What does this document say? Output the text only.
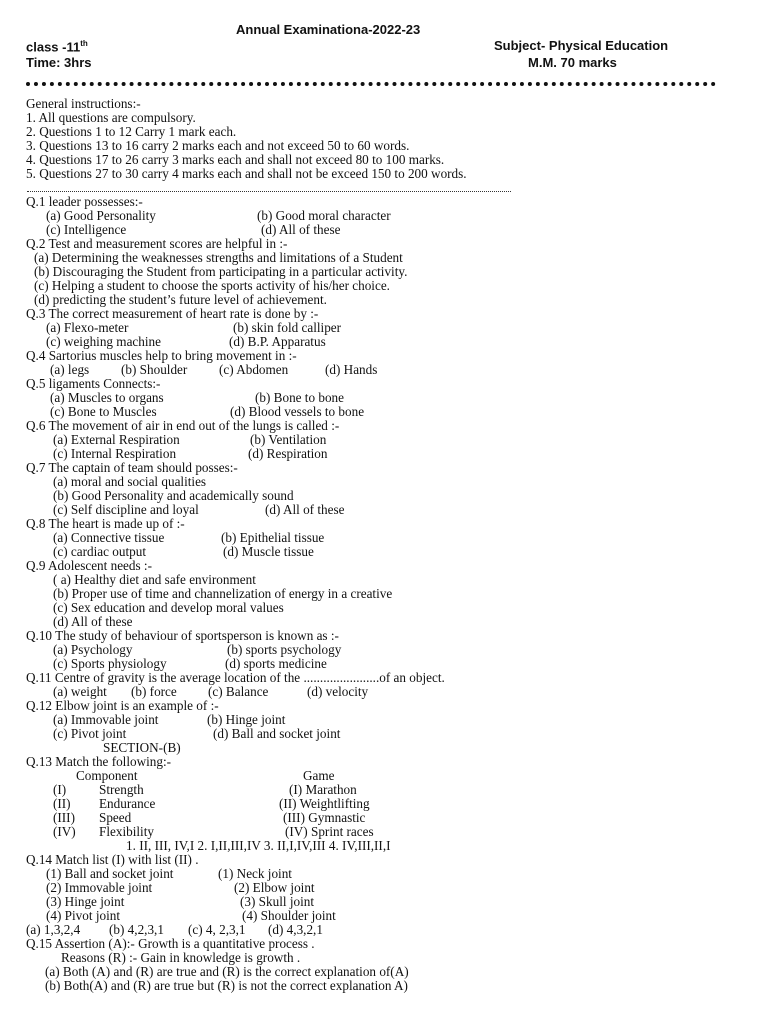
Annual Examinationa-2022-23
class -11th	Subject- Physical Education
Time: 3hrs	M.M. 70 marks
General instructions:-
1. All questions are compulsory.
2. Questions 1 to 12 Carry 1 mark each.
3. Questions 13 to 16 carry 2 marks each and not exceed 50 to 60 words.
4. Questions 17 to 26 carry 3 marks each and shall not exceed 80 to 100 marks.
5. Questions 27 to 30 carry 4 marks each and shall not be exceed 150 to 200 words.
Q.1 leader possesses:-
(a) Good Personality	(b) Good moral character
(c) Intelligence	(d) All of these
Q.2 Test and measurement scores are helpful in :-
(a) Determining the weaknesses strengths and limitations of a Student
(b) Discouraging the Student from participating in a particular activity.
(c) Helping a student to choose the sports activity of his/her choice.
(d) predicting the student’s future level of achievement.
Q.3 The correct measurement of heart rate is done by :-
(a) Flexo-meter	(b) skin fold calliper
(c) weighing machine	(d) B.P. Apparatus
Q.4 Sartorius muscles help to bring movement in :-
(a) legs (b) Shoulder (c) Abdomen	(d) Hands
Q.5 ligaments Connects:-
(a) Muscles to organs	(b) Bone to bone
(c) Bone to Muscles	(d) Blood vessels to bone
Q.6 The movement of air in end out of the lungs is called :-
(a) External Respiration	(b) Ventilation
(c) Internal Respiration	(d) Respiration
Q.7 The captain of team should posses:-
(a) moral and social qualities
(b) Good Personality and academically sound
(c) Self discipline and loyal	(d) All of these
Q.8 The heart is made up of :-
(a) Connective tissue	(b) Epithelial tissue
(c) cardiac output	(d) Muscle tissue
Q.9 Adolescent needs :-
( a) Healthy diet and safe environment
(b) Proper use of time and channelization of energy in a creative
(c) Sex education and develop moral values
(d) All of these
Q.10 The study of behaviour of sportsperson is known as :-
(a) Psychology	(b) sports psychology
(c) Sports physiology	(d) sports medicine
Q.11 Centre of gravity is the average location of the .......................of an object.
(a) weight (b) force (c) Balance	(d) velocity
Q.12 Elbow joint is an example of :-
(a) Immovable joint	(b) Hinge joint
(c) Pivot joint	(d) Ball and socket joint
SECTION-(B)
Q.13 Match the following:-
Component	Game
(I) Strength	(I) Marathon
(II) Endurance	(II) Weightlifting
(III) Speed	(III) Gymnastic
(IV) Flexibility	(IV) Sprint races
1. II, III, IV,I 2. I,II,III,IV 3. II,I,IV,III 4. IV,III,II,I
Q.14 Match list (I) with list (II) .
(1) Ball and socket joint	(1) Neck joint
(2) Immovable joint	(2) Elbow joint
(3) Hinge joint	(3) Skull joint
(4) Pivot joint	(4) Shoulder joint
(a) 1,3,2,4 (b) 4,2,3,1 (c) 4, 2,3,1 (d) 4,3,2,1
Q.15 Assertion (A):- Growth is a quantitative process .
Reasons (R) :- Gain in knowledge is growth .
(a) Both (A) and (R) are true and (R) is the correct explanation of(A)
(b) Both(A) and (R) are true but (R) is not the correct explanation A)
